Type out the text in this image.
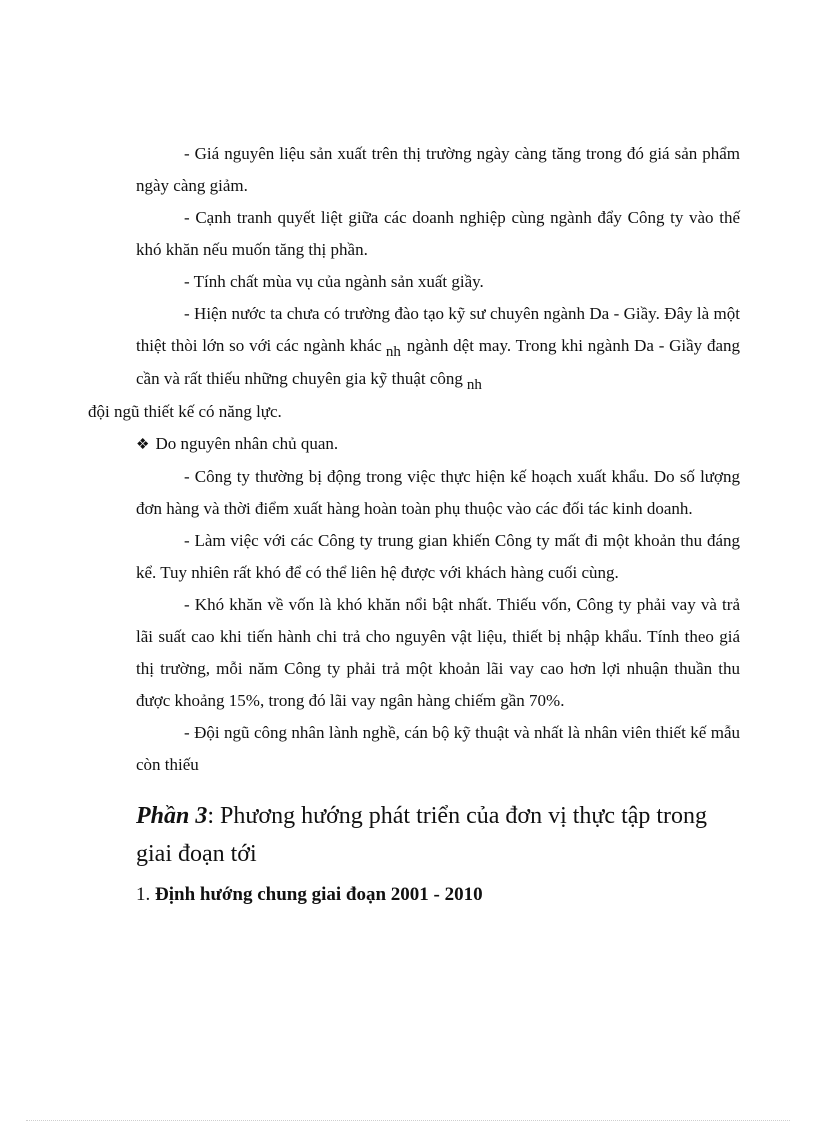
- Giá nguyên liệu sản xuất trên thị trường ngày càng tăng trong đó giá sản phẩm ngày càng giảm.

- Cạnh tranh quyết liệt giữa các doanh nghiệp cùng ngành đẩy Công ty vào thế khó khăn nếu muốn tăng thị phần.

- Tính chất mùa vụ của ngành sản xuất giầy.

- Hiện nước ta chưa có trường đào tạo kỹ sư chuyên ngành Da - Giầy. Đây là một thiệt thòi lớn so với các ngành khác nh ngành dệt may. Trong khi ngành Da - Giầy đang cần và rất thiếu những chuyên gia kỹ thuật công nh
đội ngũ thiết kế có năng lực.

❖ Do nguyên nhân chủ quan.

- Công ty thường bị động trong việc thực hiện kế hoạch xuất khẩu. Do số lượng đơn hàng và thời điểm xuất hàng hoàn toàn phụ thuộc vào các đối tác kinh doanh.

- Làm việc với các Công ty trung gian khiến Công ty mất đi một khoản thu đáng kể. Tuy nhiên rất khó để có thể liên hệ được với khách hàng cuối cùng.

- Khó khăn về vốn là khó khăn nổi bật nhất. Thiếu vốn, Công ty phải vay và trả lãi suất cao khi tiến hành chi trả cho nguyên vật liệu, thiết bị nhập khẩu. Tính theo giá thị trường, mỗi năm Công ty phải trả một khoản lãi vay cao hơn lợi nhuận thuần thu được khoảng 15%, trong đó lãi vay ngân hàng chiếm gần 70%.

- Đội ngũ công nhân lành nghề, cán bộ kỹ thuật và nhất là nhân viên thiết kế mẫu còn thiếu

Phần 3: Phương hướng phát triển của đơn vị thực tập trong giai đoạn tới
1. Định hướng chung giai đoạn 2001 - 2010
